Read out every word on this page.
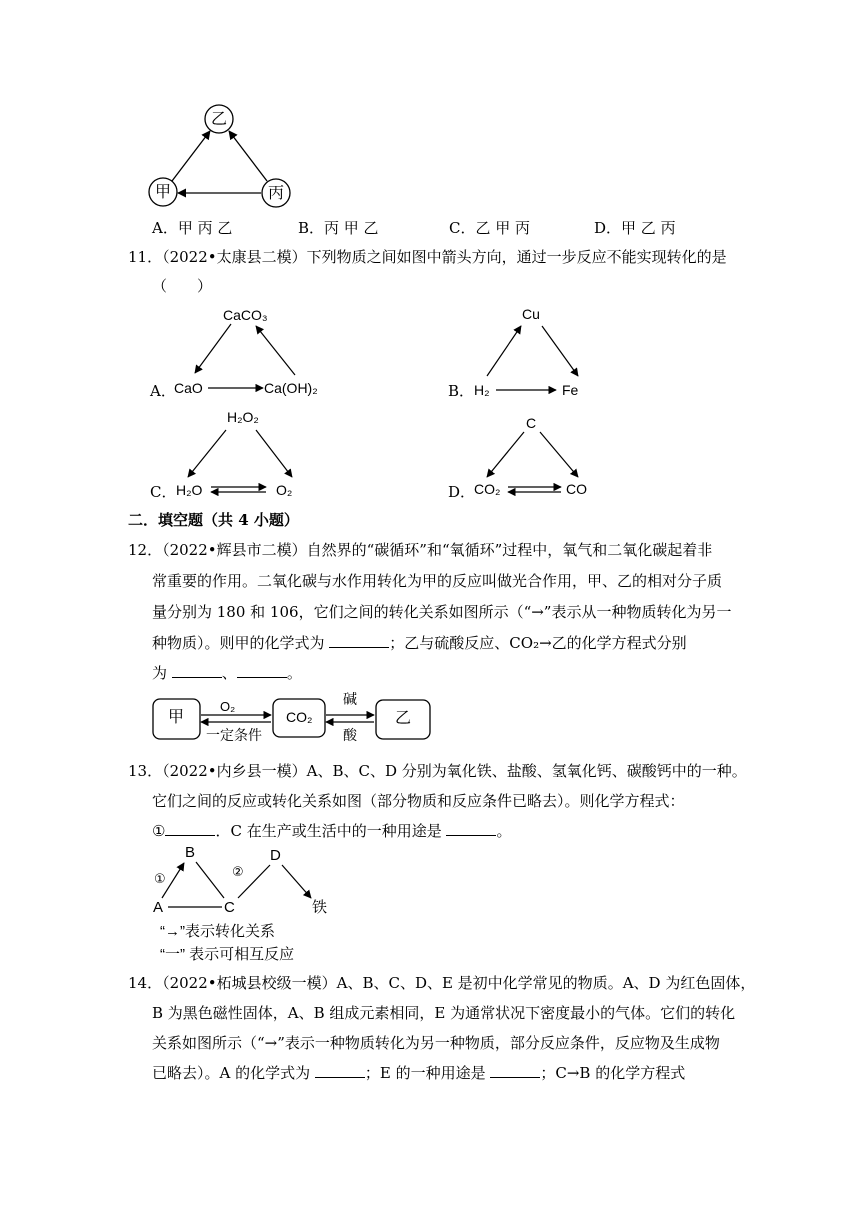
乙
甲	丙
A．甲 丙 乙	B．丙 甲 乙	C．乙 甲 丙	D．甲 乙 丙
11．（2022•太康县二模）下列物质之间如图中箭头方向，通过一步反应不能实现转化的是
（　　）
CaCO₃
A．
CaO	Ca(OH)₂
Cu
B． H₂	Fe
H₂O₂
C． H₂O	O₂
C
D．
CO₂	CO
二．填空题（共 4 小题）
12．（2022•辉县市二模）自然界的“碳循环”和“氧循环”过程中，氧气和二氧化碳起着非
常重要的作用。二氧化碳与水作用转化为甲的反应叫做光合作用，甲、乙的相对分子质
量分别为 180 和 106，它们之间的转化关系如图所示（“→”表示从一种物质转化为另一
种物质）。则甲的化学式为	；乙与硫酸反应、CO₂→乙的化学方程式分别
为	、	。
甲	CO₂	乙
O₂
一定条件
碱
酸
13．（2022•内乡县一模）A、B、C、D 分别为氧化铁、盐酸、氢氧化钙、碳酸钙中的一种。
它们之间的反应或转化关系如图（部分物质和反应条件已略去）。则化学方程式：
①	．C 在生产或生活中的一种用途是	。
A
B
C
D
铁
①	②
“→”表示转化关系
“一” 表示可相互反应
14．（2022•柘城县校级一模）A、B、C、D、E 是初中化学常见的物质。A、D 为红色固体，
B 为黑色磁性固体，A、B 组成元素相同，E 为通常状况下密度最小的气体。它们的转化
关系如图所示（“→”表示一种物质转化为另一种物质，部分反应条件，反应物及生成物
已略去）。A 的化学式为	；E 的一种用途是	；C→B 的化学方程式
